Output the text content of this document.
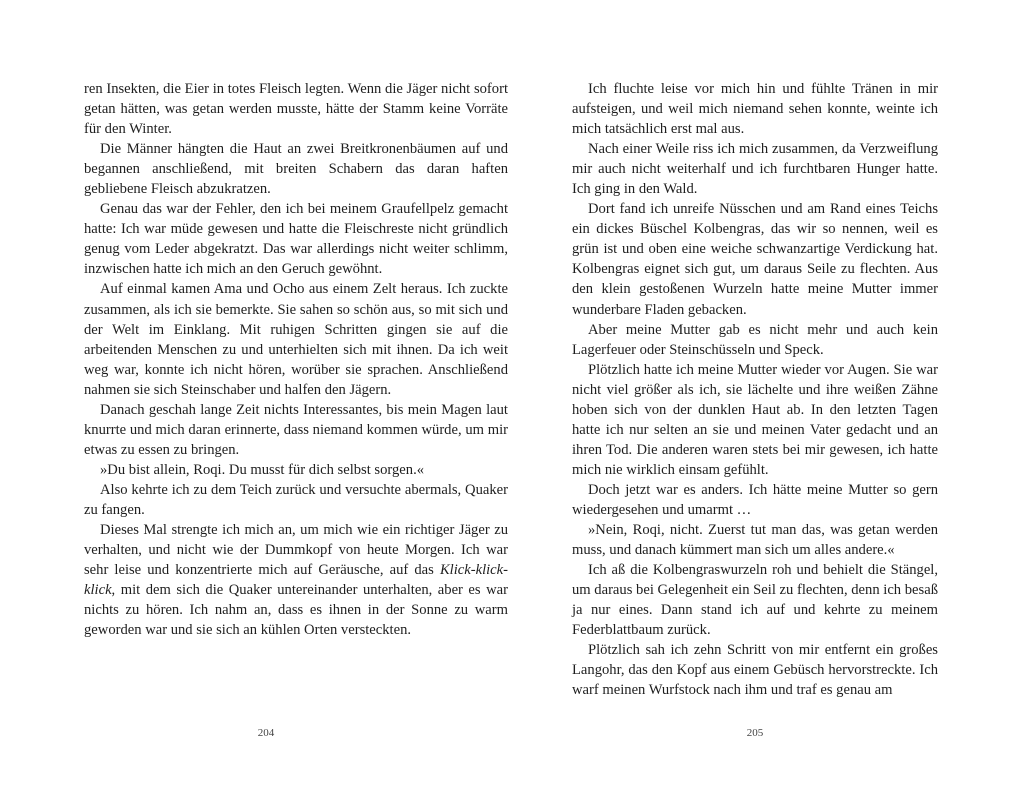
ren Insekten, die Eier in totes Fleisch legten. Wenn die Jäger nicht sofort getan hätten, was getan werden musste, hätte der Stamm keine Vorräte für den Winter.

Die Männer hängten die Haut an zwei Breitkronenbäumen auf und begannen anschließend, mit breiten Schabern das daran haften gebliebene Fleisch abzukratzen.

Genau das war der Fehler, den ich bei meinem Graufellpelz gemacht hatte: Ich war müde gewesen und hatte die Fleischreste nicht gründlich genug vom Leder abgekratzt. Das war allerdings nicht weiter schlimm, inzwischen hatte ich mich an den Geruch gewöhnt.

Auf einmal kamen Ama und Ocho aus einem Zelt heraus. Ich zuckte zusammen, als ich sie bemerkte. Sie sahen so schön aus, so mit sich und der Welt im Einklang. Mit ruhigen Schritten gingen sie auf die arbeitenden Menschen zu und unterhielten sich mit ihnen. Da ich weit weg war, konnte ich nicht hören, worüber sie sprachen. Anschließend nahmen sie sich Steinschaber und halfen den Jägern.

Danach geschah lange Zeit nichts Interessantes, bis mein Magen laut knurrte und mich daran erinnerte, dass niemand kommen würde, um mir etwas zu essen zu bringen.

»Du bist allein, Roqi. Du musst für dich selbst sorgen.«

Also kehrte ich zu dem Teich zurück und versuchte abermals, Quaker zu fangen.

Dieses Mal strengte ich mich an, um mich wie ein richtiger Jäger zu verhalten, und nicht wie der Dummkopf von heute Morgen. Ich war sehr leise und konzentrierte mich auf Geräusche, auf das Klick-klick-klick, mit dem sich die Quaker untereinander unterhalten, aber es war nichts zu hören. Ich nahm an, dass es ihnen in der Sonne zu warm geworden war und sie sich an kühlen Orten versteckten.

Ich fluchte leise vor mich hin und fühlte Tränen in mir aufsteigen, und weil mich niemand sehen konnte, weinte ich mich tatsächlich erst mal aus.

Nach einer Weile riss ich mich zusammen, da Verzweiflung mir auch nicht weiterhalf und ich furchtbaren Hunger hatte. Ich ging in den Wald.

Dort fand ich unreife Nüsschen und am Rand eines Teichs ein dickes Büschel Kolbengras, das wir so nennen, weil es grün ist und oben eine weiche schwanzartige Verdickung hat. Kolbengras eignet sich gut, um daraus Seile zu flechten. Aus den klein gestoßenen Wurzeln hatte meine Mutter immer wunderbare Fladen gebacken.

Aber meine Mutter gab es nicht mehr und auch kein Lagerfeuer oder Steinschüsseln und Speck.

Plötzlich hatte ich meine Mutter wieder vor Augen. Sie war nicht viel größer als ich, sie lächelte und ihre weißen Zähne hoben sich von der dunklen Haut ab. In den letzten Tagen hatte ich nur selten an sie und meinen Vater gedacht und an ihren Tod. Die anderen waren stets bei mir gewesen, ich hatte mich nie wirklich einsam gefühlt.

Doch jetzt war es anders. Ich hätte meine Mutter so gern wiedergesehen und umarmt …

»Nein, Roqi, nicht. Zuerst tut man das, was getan werden muss, und danach kümmert man sich um alles andere.«

Ich aß die Kolbengraswurzeln roh und behielt die Stängel, um daraus bei Gelegenheit ein Seil zu flechten, denn ich besaß ja nur eines. Dann stand ich auf und kehrte zu meinem Federblattbaum zurück.

Plötzlich sah ich zehn Schritt von mir entfernt ein großes Langohr, das den Kopf aus einem Gebüsch hervorstreckte. Ich warf meinen Wurfstock nach ihm und traf es genau am

204	205
